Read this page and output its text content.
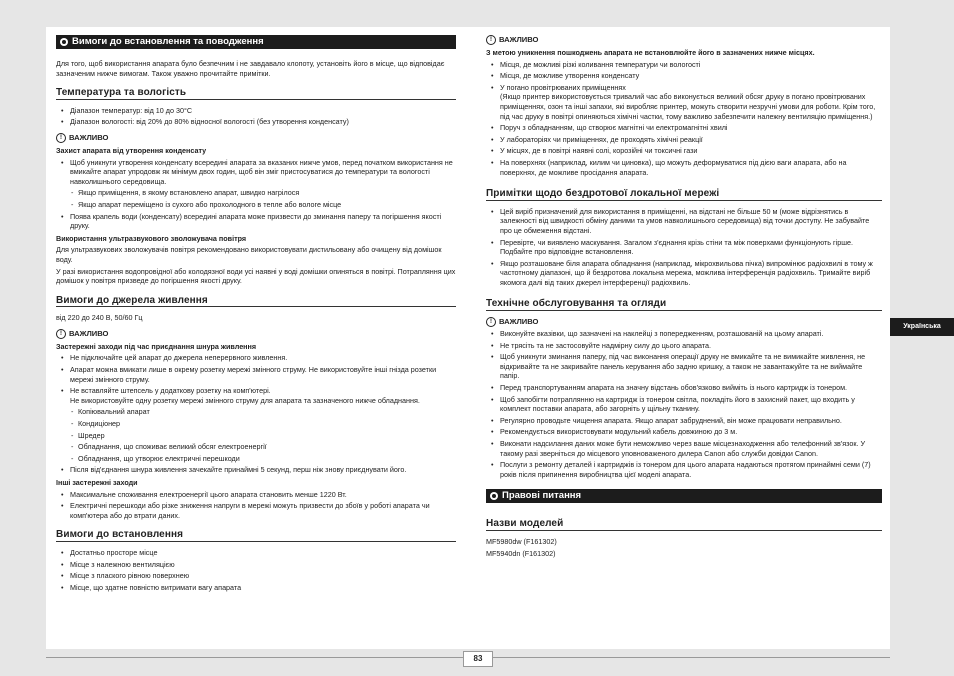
Вимоги до встановлення та поводження

Для того, щоб використання апарата було безпечним і не завдавало клопоту, установіть його в місце, що відповідає зазначеним нижче вимогам. Також уважно прочитайте примітки.

Температура та вологість
• Діапазон температур: від 10 до 30°C
• Діапазон вологості: від 20% до 80% відносної вологості (без утворення конденсату)
! ВАЖЛИВО
Захист апарата від утворення конденсату
• Щоб уникнути утворення конденсату всередині апарата за вказаних нижче умов, перед початком використання не вмикайте апарат упродовж як мінімум двох годин, щоб він зміг пристосуватися до температури та вологості навколишнього середовища.
- Якщо приміщення, в якому встановлено апарат, швидко нагрілося
- Якщо апарат переміщено із сухого або прохолодного в тепле або вологе місце
• Поява крапель води (конденсату) всередині апарата може призвести до зминання паперу та погіршення якості друку.
Використання ультразвукового зволожувача повітря

Для ультразвукових зволожувачів повітря рекомендовано використовувати дистильовану або очищену від домішок воду.

У разі використання водопровідної або колодязної води усі наявні у воді домішки опиняться в повітрі. Потрапляння цих домішок у повітря призведе до погіршення якості друку.

Вимоги до джерела живлення

від 220 до 240 В, 50/60 Гц

! ВАЖЛИВО
Застережні заходи під час приєднання шнура живлення
• Не підключайте цей апарат до джерела неперервного живлення.
• Апарат можна вмикати лише в окрему розетку мережі змінного струму. Не використовуйте інші гнізда розетки мережі змінного струму.
• Не вставляйте штепсель у додаткову розетку на комп'ютері.
Не використовуйте одну розетку мережі змінного струму для апарата та зазначеного нижче обладнання.
- Копіювальний апарат
- Кондиціонер
- Шредер
- Обладнання, що споживає великий обсяг електроенергії
- Обладнання, що утворює електричні перешкоди
• Після від'єднання шнура живлення зачекайте принаймні 5 секунд, перш ніж знову приєднувати його.
Інші застережні заходи
• Максимальне споживання електроенергії цього апарата становить менше 1220 Вт.
• Електричні перешкоди або різке зниження напруги в мережі можуть призвести до збоїв у роботі апарата чи комп'ютера або до втрати даних.
Вимоги до встановлення
• Достатньо просторе місце
• Місце з належною вентиляцією
• Місце з плаского рівною поверхнею
• Місце, що здатне повністю витримати вагу апарата
! ВАЖЛИВО
З метою уникнення пошкоджень апарата не встановлюйте його в зазначених нижче місцях.
• Місця, де можливі різкі коливання температури чи вологості
• Місця, де можливе утворення конденсату
• У погано провітрюваних приміщеннях
(Якщо принтер використовується тривалий час або виконується великий обсяг друку в погано провітрюваних приміщеннях, озон та інші запахи, які виробляє принтер, можуть створити незручні умови для роботи. Крім того, під час друку в повітрі опиняються хімічні частки, тому важливо забезпечити належну вентиляцію приміщення.)
• Поруч з обладнанням, що створює магнітні чи електромагнітні хвилі
• У лабораторіях чи приміщеннях, де проходять хімічні реакції
• У місцях, де в повітрі наявні солі, корозійні чи токсичні гази
• На поверхнях (наприклад, килим чи циновка), що можуть деформуватися під дією ваги апарата, або на поверхнях, де можливе просідання апарата.
Примітки щодо бездротової локальної мережі
• Цей виріб призначений для використання в приміщенні, на відстані не більше 50 м (може відрізнятись в залежності від швидкості обміну даними та умов навколишнього середовища) від точки доступу. Не забувайте про це обмеження відстані.
• Перевірте, чи виявлено маскування. Загалом з'єднання крізь стіни та між поверхами функціонують гірше. Подбайте про відповідне встановлення.
• Якщо розташоване біля апарата обладнання (наприклад, мікрохвильова пічка) випромінює радіохвилі в тому ж частотному діапазоні, що й бездротова локальна мережа, можлива інтерференція радіохвиль. Тримайте виріб якомога далі від таких джерел інтерференції радіохвиль.
Технічне обслуговування та огляди
! ВАЖЛИВО
• Виконуйте вказівки, що зазначені на наклейці з попередженням, розташованій на цьому апараті.
• Не трясіть та не застосовуйте надмірну силу до цього апарата.
• Щоб уникнути зминання паперу, під час виконання операції друку не вмикайте та не вимикайте живлення, не відкривайте та не закривайте панель керування або задню кришку, а також не завантажуйте та не виймайте папір.
• Перед транспортуванням апарата на значну відстань обов'язково вийміть із нього картридж із тонером.
• Щоб запобігти потраплянню на картридж із тонером світла, покладіть його в захисний пакет, що входить у комплект поставки апарата, або загорніть у щільну тканину.
• Регулярно проводьте чищення апарата. Якщо апарат забруднений, він може працювати неправильно.
• Рекомендується використовувати модульний кабель довжиною до 3 м.
• Виконати надсилання даних може бути неможливо через ваше місцезнаходження або телефонний зв'язок. У такому разі зверніться до місцевого уповноваженого дилера Canon або служби довідки Canon.
• Послуги з ремонту деталей і картриджів із тонером для цього апарата надаються протягом принаймні семи (7) років після припинення виробництва цієї моделі апарата.
Правові питання
Назви моделей

MF5980dw (F161302)

MF5940dn (F161302)

Українська
83
